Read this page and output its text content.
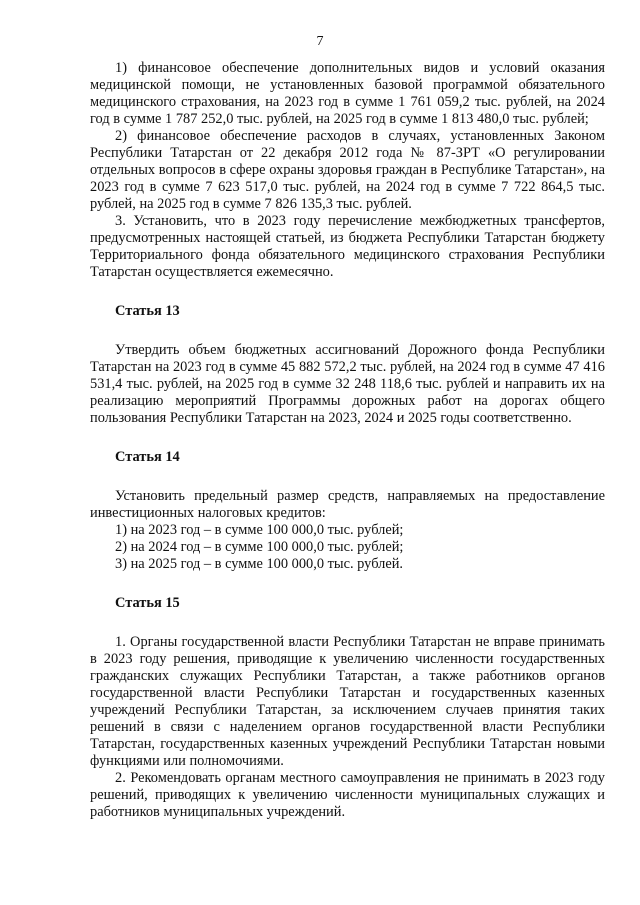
7

1) финансовое обеспечение дополнительных видов и условий оказания медицинской помощи, не установленных базовой программой обязательного медицинского страхования, на 2023 год в сумме 1 761 059,2 тыс. рублей, на 2024 год в сумме 1 787 252,0 тыс. рублей, на 2025 год в сумме 1 813 480,0 тыс. рублей;

2) финансовое обеспечение расходов в случаях, установленных Законом Республики Татарстан от 22 декабря 2012 года № 87-ЗРТ «О регулировании отдельных вопросов в сфере охраны здоровья граждан в Республике Татарстан», на 2023 год в сумме 7 623 517,0 тыс. рублей, на 2024 год в сумме 7 722 864,5 тыс. рублей, на 2025 год в сумме 7 826 135,3 тыс. рублей.

3. Установить, что в 2023 году перечисление межбюджетных трансфертов, предусмотренных настоящей статьей, из бюджета Республики Татарстан бюджету Территориального фонда обязательного медицинского страхования Республики Татарстан осуществляется ежемесячно.

Статья 13

Утвердить объем бюджетных ассигнований Дорожного фонда Республики Татарстан на 2023 год в сумме 45 882 572,2 тыс. рублей, на 2024 год в сумме 47 416 531,4 тыс. рублей, на 2025 год в сумме 32 248 118,6 тыс. рублей и направить их на реализацию мероприятий Программы дорожных работ на дорогах общего пользования Республики Татарстан на 2023, 2024 и 2025 годы соответственно.

Статья 14

Установить предельный размер средств, направляемых на предоставление инвестиционных налоговых кредитов:

1) на 2023 год – в сумме 100 000,0 тыс. рублей;

2) на 2024 год – в сумме 100 000,0 тыс. рублей;

3) на 2025 год – в сумме 100 000,0 тыс. рублей.

Статья 15

1. Органы государственной власти Республики Татарстан не вправе принимать в 2023 году решения, приводящие к увеличению численности государственных гражданских служащих Республики Татарстан, а также работников органов государственной власти Республики Татарстан и государственных казенных учреждений Республики Татарстан, за исключением случаев принятия таких решений в связи с наделением органов государственной власти Республики Татарстан, государственных казенных учреждений Республики Татарстан новыми функциями или полномочиями.

2. Рекомендовать органам местного самоуправления не принимать в 2023 году решений, приводящих к увеличению численности муниципальных служащих и работников муниципальных учреждений.
